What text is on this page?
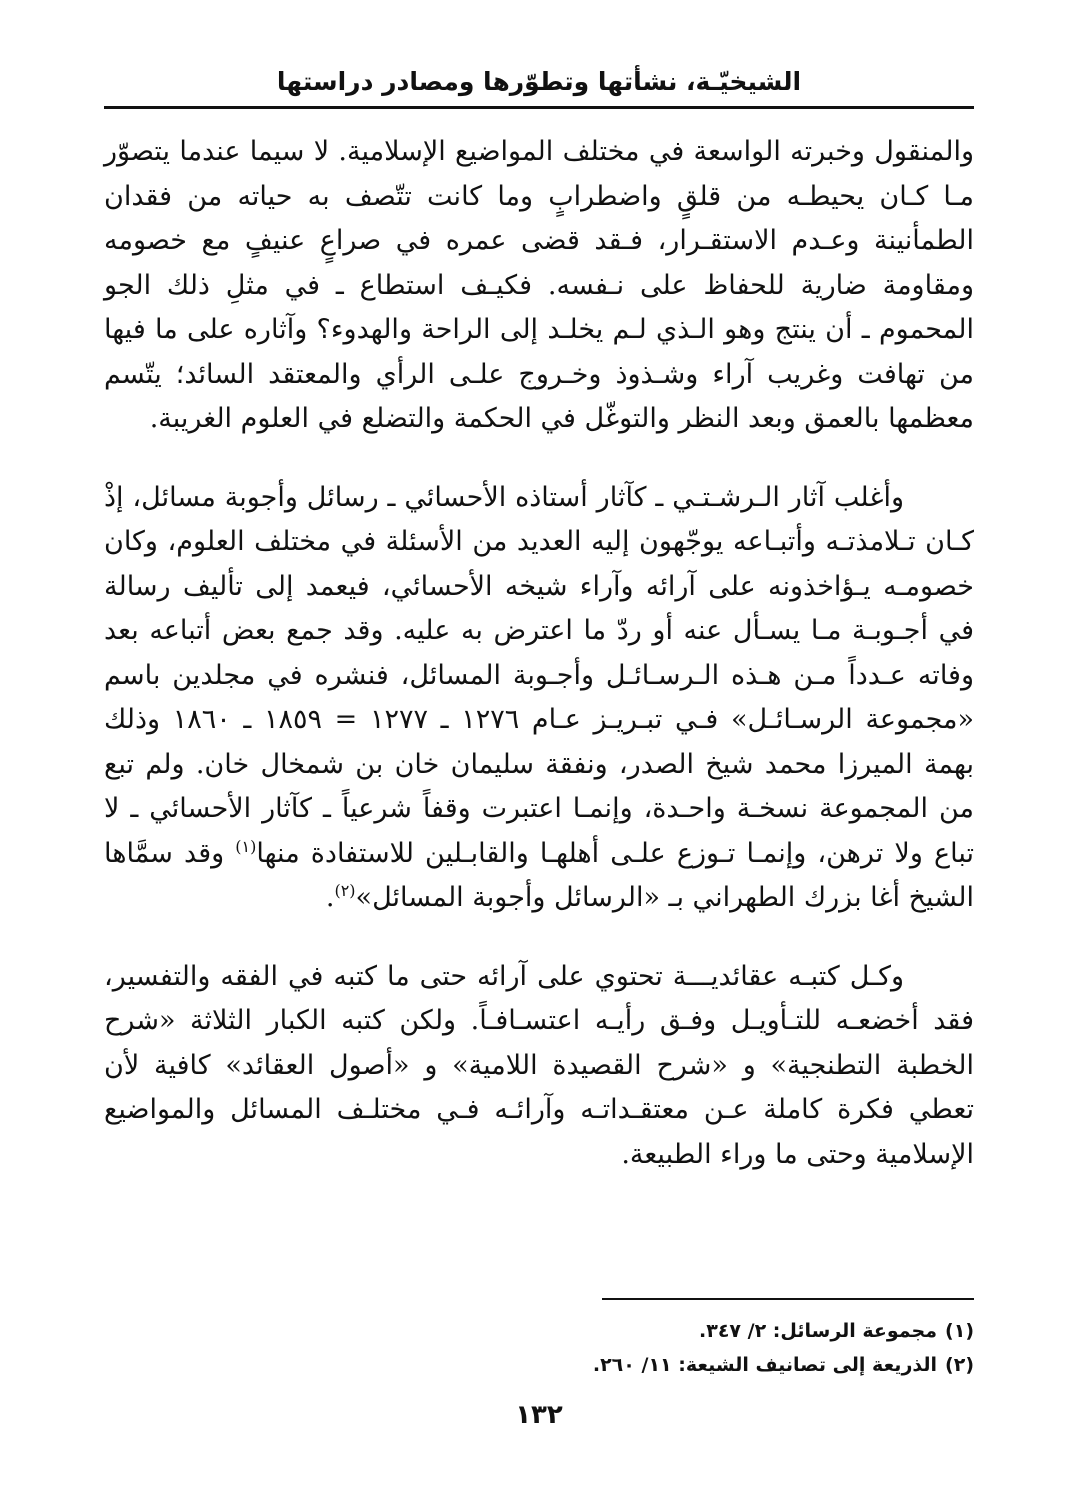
الشيخيّـة، نشأتها وتطوّرها ومصادر دراستها

والمنقول وخبرته الواسعة في مختلف المواضيع الإسلامية. لا سيما عندما يتصوّر مـا كـان يحيطـه من قلقٍ واضطرابٍ وما كانت تتّصف به حياته من فقدان الطمأنينة وعـدم الاستقـرار، فـقد قضى عمره في صراعٍ عنيفٍ مع خصومه ومقاومة ضارية للحفاظ على نـفسه. فكيـف استطاع ـ في مثلِ ذلك الجو المحموم ـ أن ينتج وهو الـذي لـم يخلـد إلى الراحة والهدوء؟ وآثاره على ما فيها من تهافت وغريب آراء وشـذوذ وخـروج علـى الرأي والمعتقد السائد؛ يتّسم معظمها بالعمق وبعد النظر والتوغّل في الحكمة والتضلع في العلوم الغريبة.

وأغلب آثار الـرشـتـي ـ كآثار أستاذه الأحسائي ـ رسائل وأجوبة مسائل، إذْ كـان تـلامذتـه وأتبـاعه يوجّهون إليه العديد من الأسئلة في مختلف العلوم، وكان خصومـه يـؤاخذونه على آرائه وآراء شيخه الأحسائي، فيعمد إلى تأليف رسالة في أجـوبـة مـا يسـأل عنه أو ردّ ما اعترض به عليه. وقد جمع بعض أتباعه بعد وفاته عـدداً مـن هـذه الـرسـائـل وأجـوبة المسائل، فنشره في مجلدين باسم «مجموعة الرسـائـل» فـي تبـريـز عـام ١٢٧٦ ـ ١٢٧٧ = ١٨٥٩ ـ ١٨٦٠ وذلك بهمة الميرزا محمد شيخ الصدر، ونفقة سليمان خان بن شمخال خان. ولم تبع من المجموعة نسخـة واحـدة، وإنمـا اعتبرت وقفاً شرعياً ـ كآثار الأحسائي ـ لا تباع ولا ترهن، وإنمـا تـوزع علـى أهلهـا والقابـلين للاستفادة منها$^{(١)}$ وقد سمَّاها الشيخ أغا بزرك الطهراني بـ «الرسائل وأجوبة المسائل»$^{(٢)}$.

وكـل كتبـه عقائديـــة تحتوي على آرائه حتى ما كتبه في الفقه والتفسير، فقد أخضعـه للتـأويـل وفـق رأيـه اعتسـافـاً. ولكن كتبه الكبار الثلاثة «شرح الخطبة التطنجية» و «شرح القصيدة اللامية» و «أصول العقائد» كافية لأن تعطي فكرة كاملة عـن معتقـداتـه وآرائـه فـي مختلـف المسائل والمواضيع الإسلامية وحتى ما وراء الطبيعة.

(١)مجموعة الرسائل: ٢/ ٣٤٧.

(٢)الذريعة إلى تصانيف الشيعة: ١١/ ٢٦٠.

١٣٢
